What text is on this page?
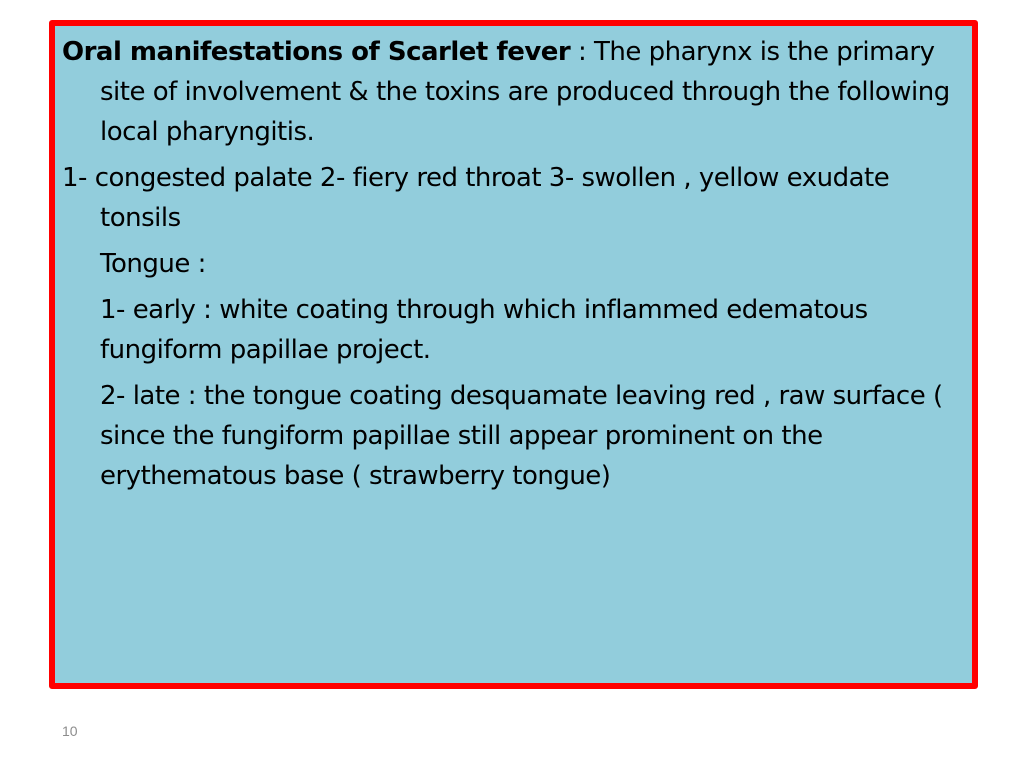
Oral manifestations of Scarlet fever : The pharynx is the primary site of involvement & the toxins are produced through the following local pharyngitis.

1- congested palate 2- fiery red throat 3- swollen , yellow exudate tonsils

Tongue :

1- early : white coating through which inflammed edematous fungiform papillae project.

2- late : the tongue coating desquamate leaving red , raw surface ( since the fungiform papillae still appear prominent on the erythematous base ( strawberry tongue)

10
